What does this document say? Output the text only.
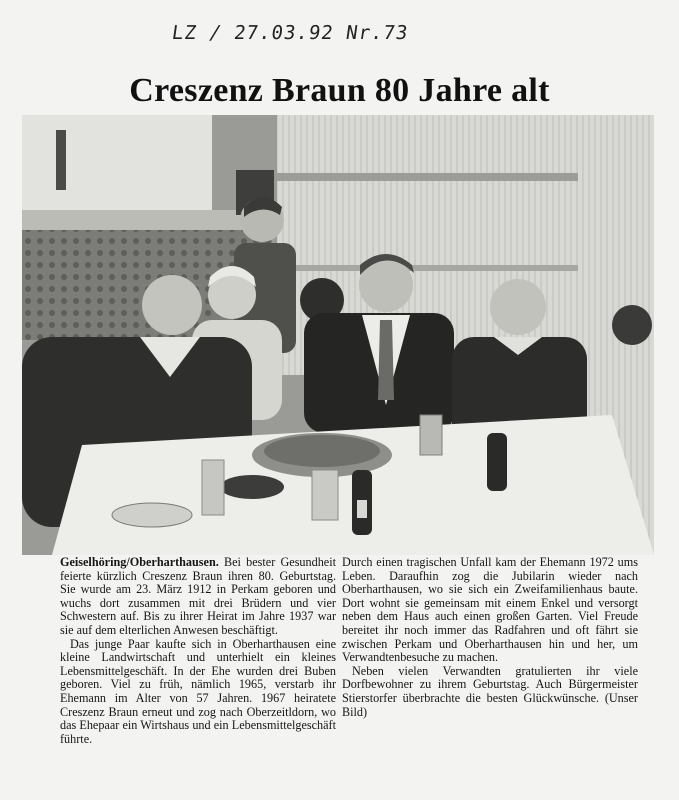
LZ / 27.03.92 Nr.73
Creszenz Braun 80 Jahre alt

Geiselhöring/Oberharthausen. Bei bester Gesundheit feierte kürzlich Creszenz Braun ihren 80. Geburtstag. Sie wurde am 23. März 1912 in Perkam geboren und wuchs dort zusammen mit drei Brüdern und vier Schwestern auf. Bis zu ihrer Heirat im Jahre 1937 war sie auf dem elterlichen Anwesen beschäftigt.

Das junge Paar kaufte sich in Oberharthausen eine kleine Landwirtschaft und unterhielt ein kleines Lebensmittelgeschäft. In der Ehe wurden drei Buben geboren. Viel zu früh, nämlich 1965, verstarb ihr Ehemann im Alter von 57 Jahren. 1967 heiratete Creszenz Braun erneut und zog nach Oberzeitldorn, wo das Ehepaar ein Wirtshaus und ein Lebensmittelgeschäft führte.

Durch einen tragischen Unfall kam der Ehemann 1972 ums Leben. Daraufhin zog die Jubilarin wieder nach Oberharthausen, wo sie sich ein Zweifamilienhaus baute. Dort wohnt sie gemeinsam mit einem Enkel und versorgt neben dem Haus auch einen großen Garten. Viel Freude bereitet ihr noch immer das Radfahren und oft fährt sie zwischen Perkam und Oberharthausen hin und her, um Verwandtenbesuche zu machen.

Neben vielen Verwandten gratulierten ihr viele Dorfbewohner zu ihrem Geburtstag. Auch Bürgermeister Stierstorfer überbrachte die besten Glückwünsche. (Unser Bild)
